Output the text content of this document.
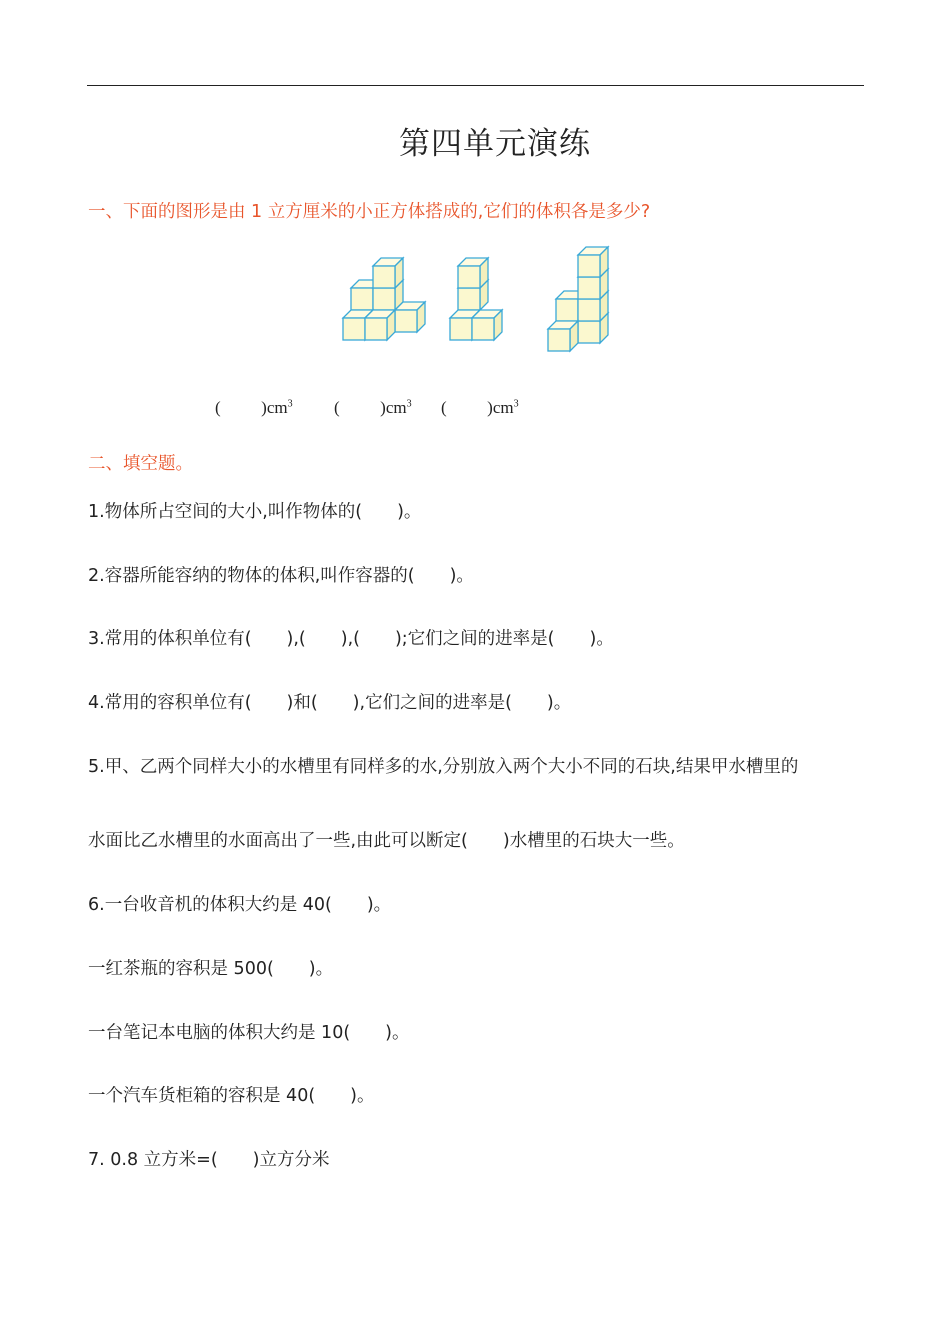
第四单元演练
一、下面的图形是由 1 立方厘米的小正方体搭成的,它们的体积各是多少?
( )$cm^3$ ( )$cm^3$ ( )$cm^3$
二、填空题。
1.物体所占空间的大小,叫作物体的(　　)。
2.容器所能容纳的物体的体积,叫作容器的(　　)。
3.常用的体积单位有(　　),(　　),(　　);它们之间的进率是(　　)。
4.常用的容积单位有(　　)和(　　),它们之间的进率是(　　)。
5.甲、乙两个同样大小的水槽里有同样多的水,分别放入两个大小不同的石块,结果甲水槽里的
水面比乙水槽里的水面高出了一些,由此可以断定(　　)水槽里的石块大一些。
6.一台收音机的体积大约是 40(　　)。
一红茶瓶的容积是 500(　　)。
一台笔记本电脑的体积大约是 10(　　)。
一个汽车货柜箱的容积是 40(　　)。
7. 0.8 立方米=(　　)立方分米
